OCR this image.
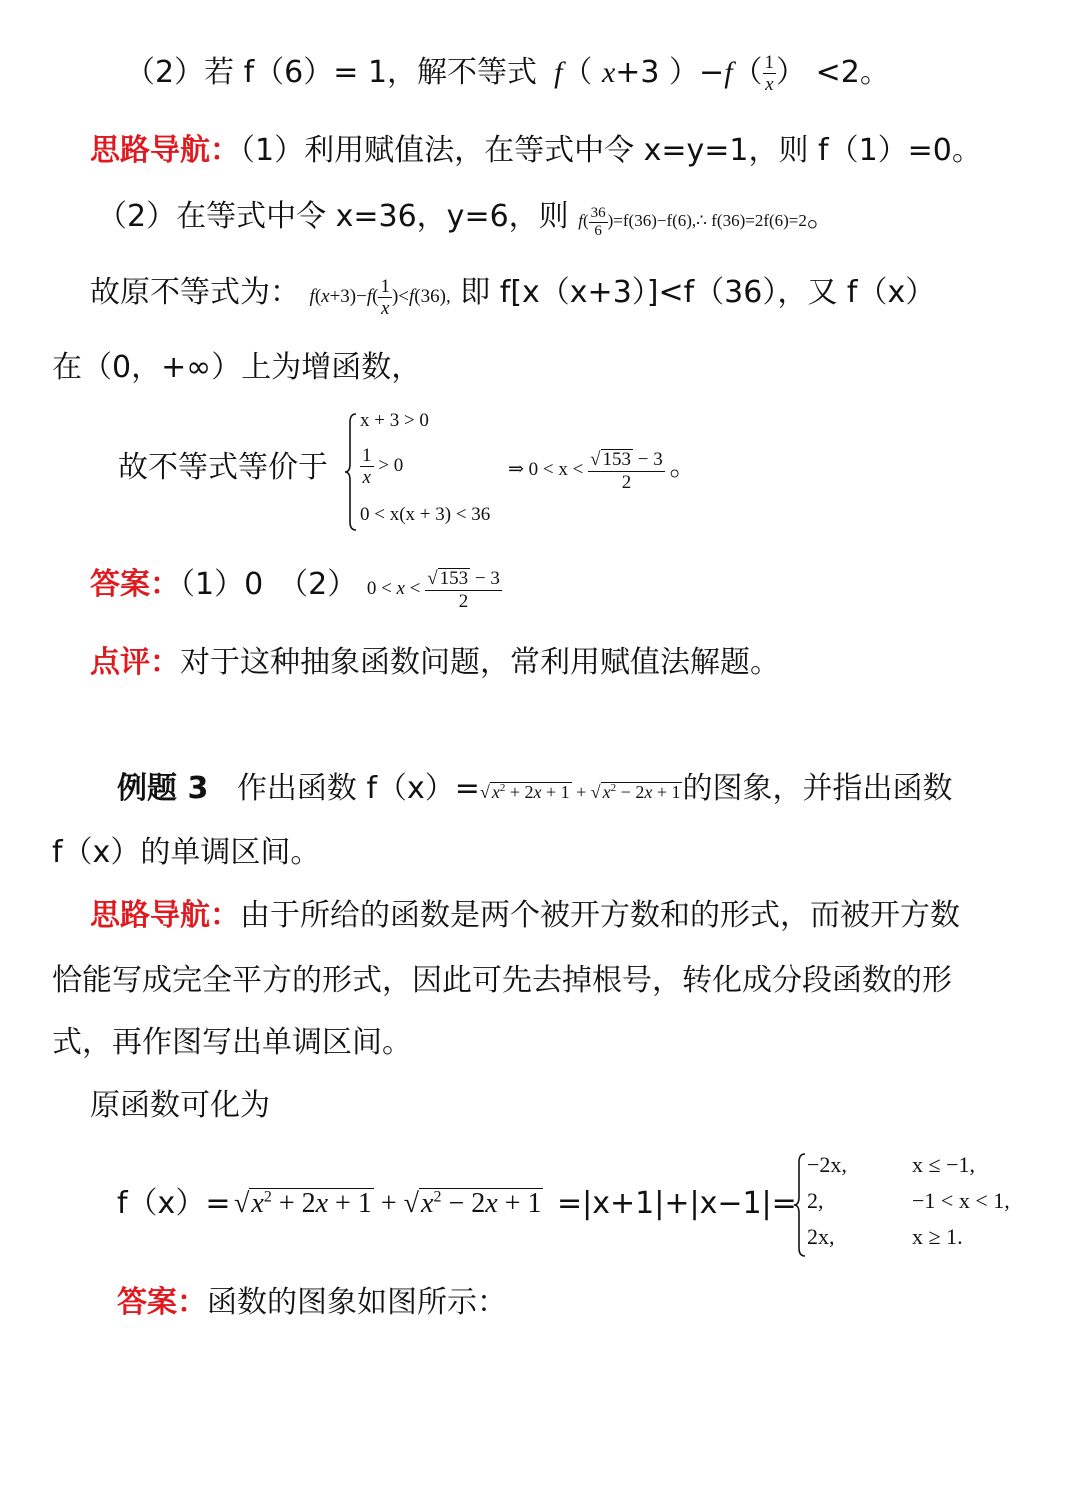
（2）若 f（6）= 1，解不等式  f（ x+3 ）$-f( \frac{1}{x}$ ） <2。
思路导航：（1）利用赋值法，在等式中令 x=y=1，则 f（1）=0。
（2）在等式中令 x=36，y=6，则 $f( \frac{36}{6}$ )=f(36)−f(6),∴ f(36)=2f(6)=2。
故原不等式为： $f(x+3)-f( \frac{1}{x} )<f(36)$, 即 f[x（x+3）]<f（36），又 f（x）
在（0，+∞）上为增函数，
故不等式等价于
x + 3 > 0
$\frac{1}{x} > 0$
0 < x(x + 3) < 36
⇒ $0 < x < \frac{√ 153 - 3}{2}$ 。
答案：（1）0　（2） $0 < x < \frac{√ 153 - 3}{2}$
点评：对于这种抽象函数问题，常利用赋值法解题。
例题 3 作出函数 f（x）=√ $x^2 + 2x + 1$ + √ $x^2 - 2x + 1$的图象，并指出函数
f（x）的单调区间。
思路导航：由于所给的函数是两个被开方数和的形式，而被开方数
恰能写成完全平方的形式，因此可先去掉根号，转化成分段函数的形
式，再作图写出单调区间。
原函数可化为
$f(x)= √x^2 + 2x + 1 + √x^2 - 2x + 1 =|x+1|+|x-1|=$
−2x,	x ≤ −1,
2,	−1 < x < 1,
2x,	x ≥ 1.
答案：函数的图象如图所示：
